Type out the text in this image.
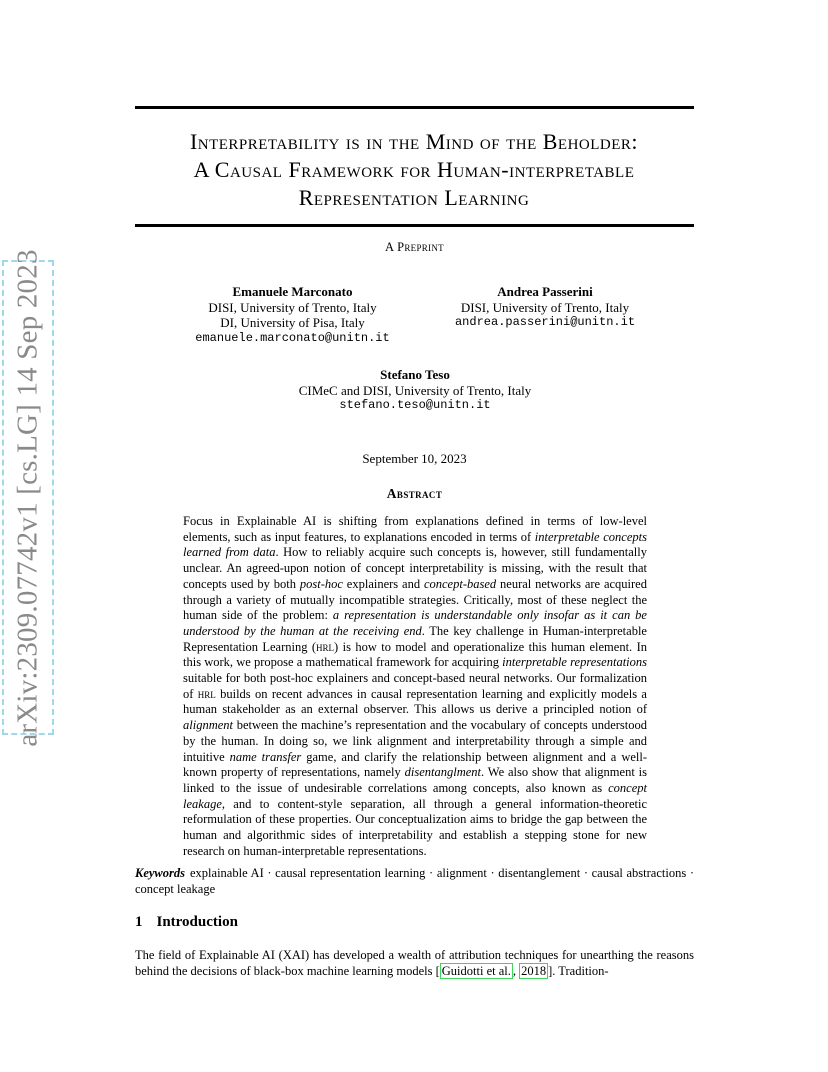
arXiv:2309.07742v1 [cs.LG] 14 Sep 2023
Interpretability is in the Mind of the Beholder:
A Causal Framework for Human-interpretable
Representation Learning
A Preprint
Emanuele Marconato
DISI, University of Trento, Italy
DI, University of Pisa, Italy
emanuele.marconato@unitn.it
Andrea Passerini
DISI, University of Trento, Italy
andrea.passerini@unitn.it
Stefano Teso
CIMeC and DISI, University of Trento, Italy
stefano.teso@unitn.it
September 10, 2023
Abstract
Focus in Explainable AI is shifting from explanations defined in terms of low-level elements, such as input features, to explanations encoded in terms of interpretable concepts learned from data. How to reliably acquire such concepts is, however, still fundamentally unclear. An agreed-upon notion of concept interpretability is missing, with the result that concepts used by both post-hoc explainers and concept-based neural networks are acquired through a variety of mutually incompatible strategies. Critically, most of these neglect the human side of the problem: a representation is understandable only insofar as it can be understood by the human at the receiving end. The key challenge in Human-interpretable Representation Learning (hrl) is how to model and operationalize this human element. In this work, we propose a mathematical framework for acquiring interpretable representations suitable for both post-hoc explainers and concept-based neural networks. Our formalization of hrl builds on recent advances in causal representation learning and explicitly models a human stakeholder as an external observer. This allows us derive a principled notion of alignment between the machine’s representation and the vocabulary of concepts understood by the human. In doing so, we link alignment and interpretability through a simple and intuitive name transfer game, and clarify the relationship between alignment and a well-known property of representations, namely disentanglment. We also show that alignment is linked to the issue of undesirable correlations among concepts, also known as concept leakage, and to content-style separation, all through a general information-theoretic reformulation of these properties. Our conceptualization aims to bridge the gap between the human and algorithmic sides of interpretability and establish a stepping stone for new research on human-interpretable representations.
Keywords explainable AI · causal representation learning · alignment · disentanglement · causal abstractions · concept leakage
1 Introduction
The field of Explainable AI (XAI) has developed a wealth of attribution techniques for unearthing the reasons behind the decisions of black-box machine learning models [ Guidotti et al. , 2018 ]. Tradition-
